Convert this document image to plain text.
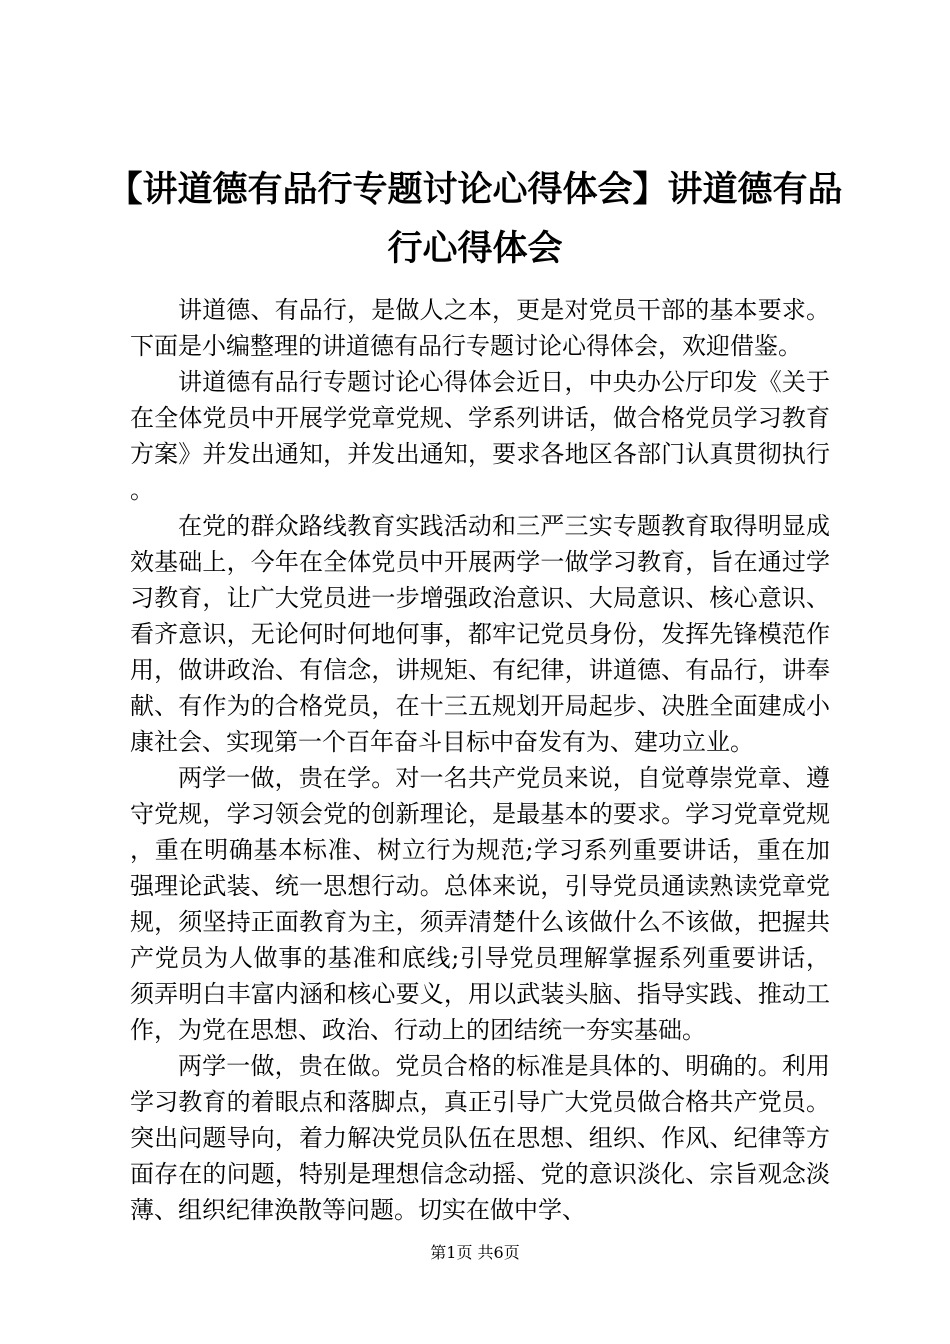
【讲道德有品行专题讨论心得体会】讲道德有品行心得体会

讲道德、有品行，是做人之本，更是对党员干部的基本要求。下面是小编整理的讲道德有品行专题讨论心得体会，欢迎借鉴。

讲道德有品行专题讨论心得体会近日，中央办公厅印发《关于在全体党员中开展学党章党规、学系列讲话，做合格党员学习教育方案》并发出通知，并发出通知，要求各地区各部门认真贯彻执行。

在党的群众路线教育实践活动和三严三实专题教育取得明显成效基础上，今年在全体党员中开展两学一做学习教育，旨在通过学习教育，让广大党员进一步增强政治意识、大局意识、核心意识、看齐意识，无论何时何地何事，都牢记党员身份，发挥先锋模范作用，做讲政治、有信念，讲规矩、有纪律，讲道德、有品行，讲奉献、有作为的合格党员，在十三五规划开局起步、决胜全面建成小康社会、实现第一个百年奋斗目标中奋发有为、建功立业。

两学一做，贵在学。对一名共产党员来说，自觉尊崇党章、遵守党规，学习领会党的创新理论，是最基本的要求。学习党章党规，重在明确基本标准、树立行为规范;学习系列重要讲话，重在加强理论武装、统一思想行动。总体来说，引导党员通读熟读党章党规，须坚持正面教育为主，须弄清楚什么该做什么不该做，把握共产党员为人做事的基准和底线;引导党员理解掌握系列重要讲话，须弄明白丰富内涵和核心要义，用以武装头脑、指导实践、推动工作，为党在思想、政治、行动上的团结统一夯实基础。

两学一做，贵在做。党员合格的标准是具体的、明确的。利用学习教育的着眼点和落脚点，真正引导广大党员做合格共产党员。突出问题导向，着力解决党员队伍在思想、组织、作风、纪律等方面存在的问题，特别是理想信念动摇、党的意识淡化、宗旨观念淡薄、组织纪律涣散等问题。切实在做中学、

第1页 共6页
